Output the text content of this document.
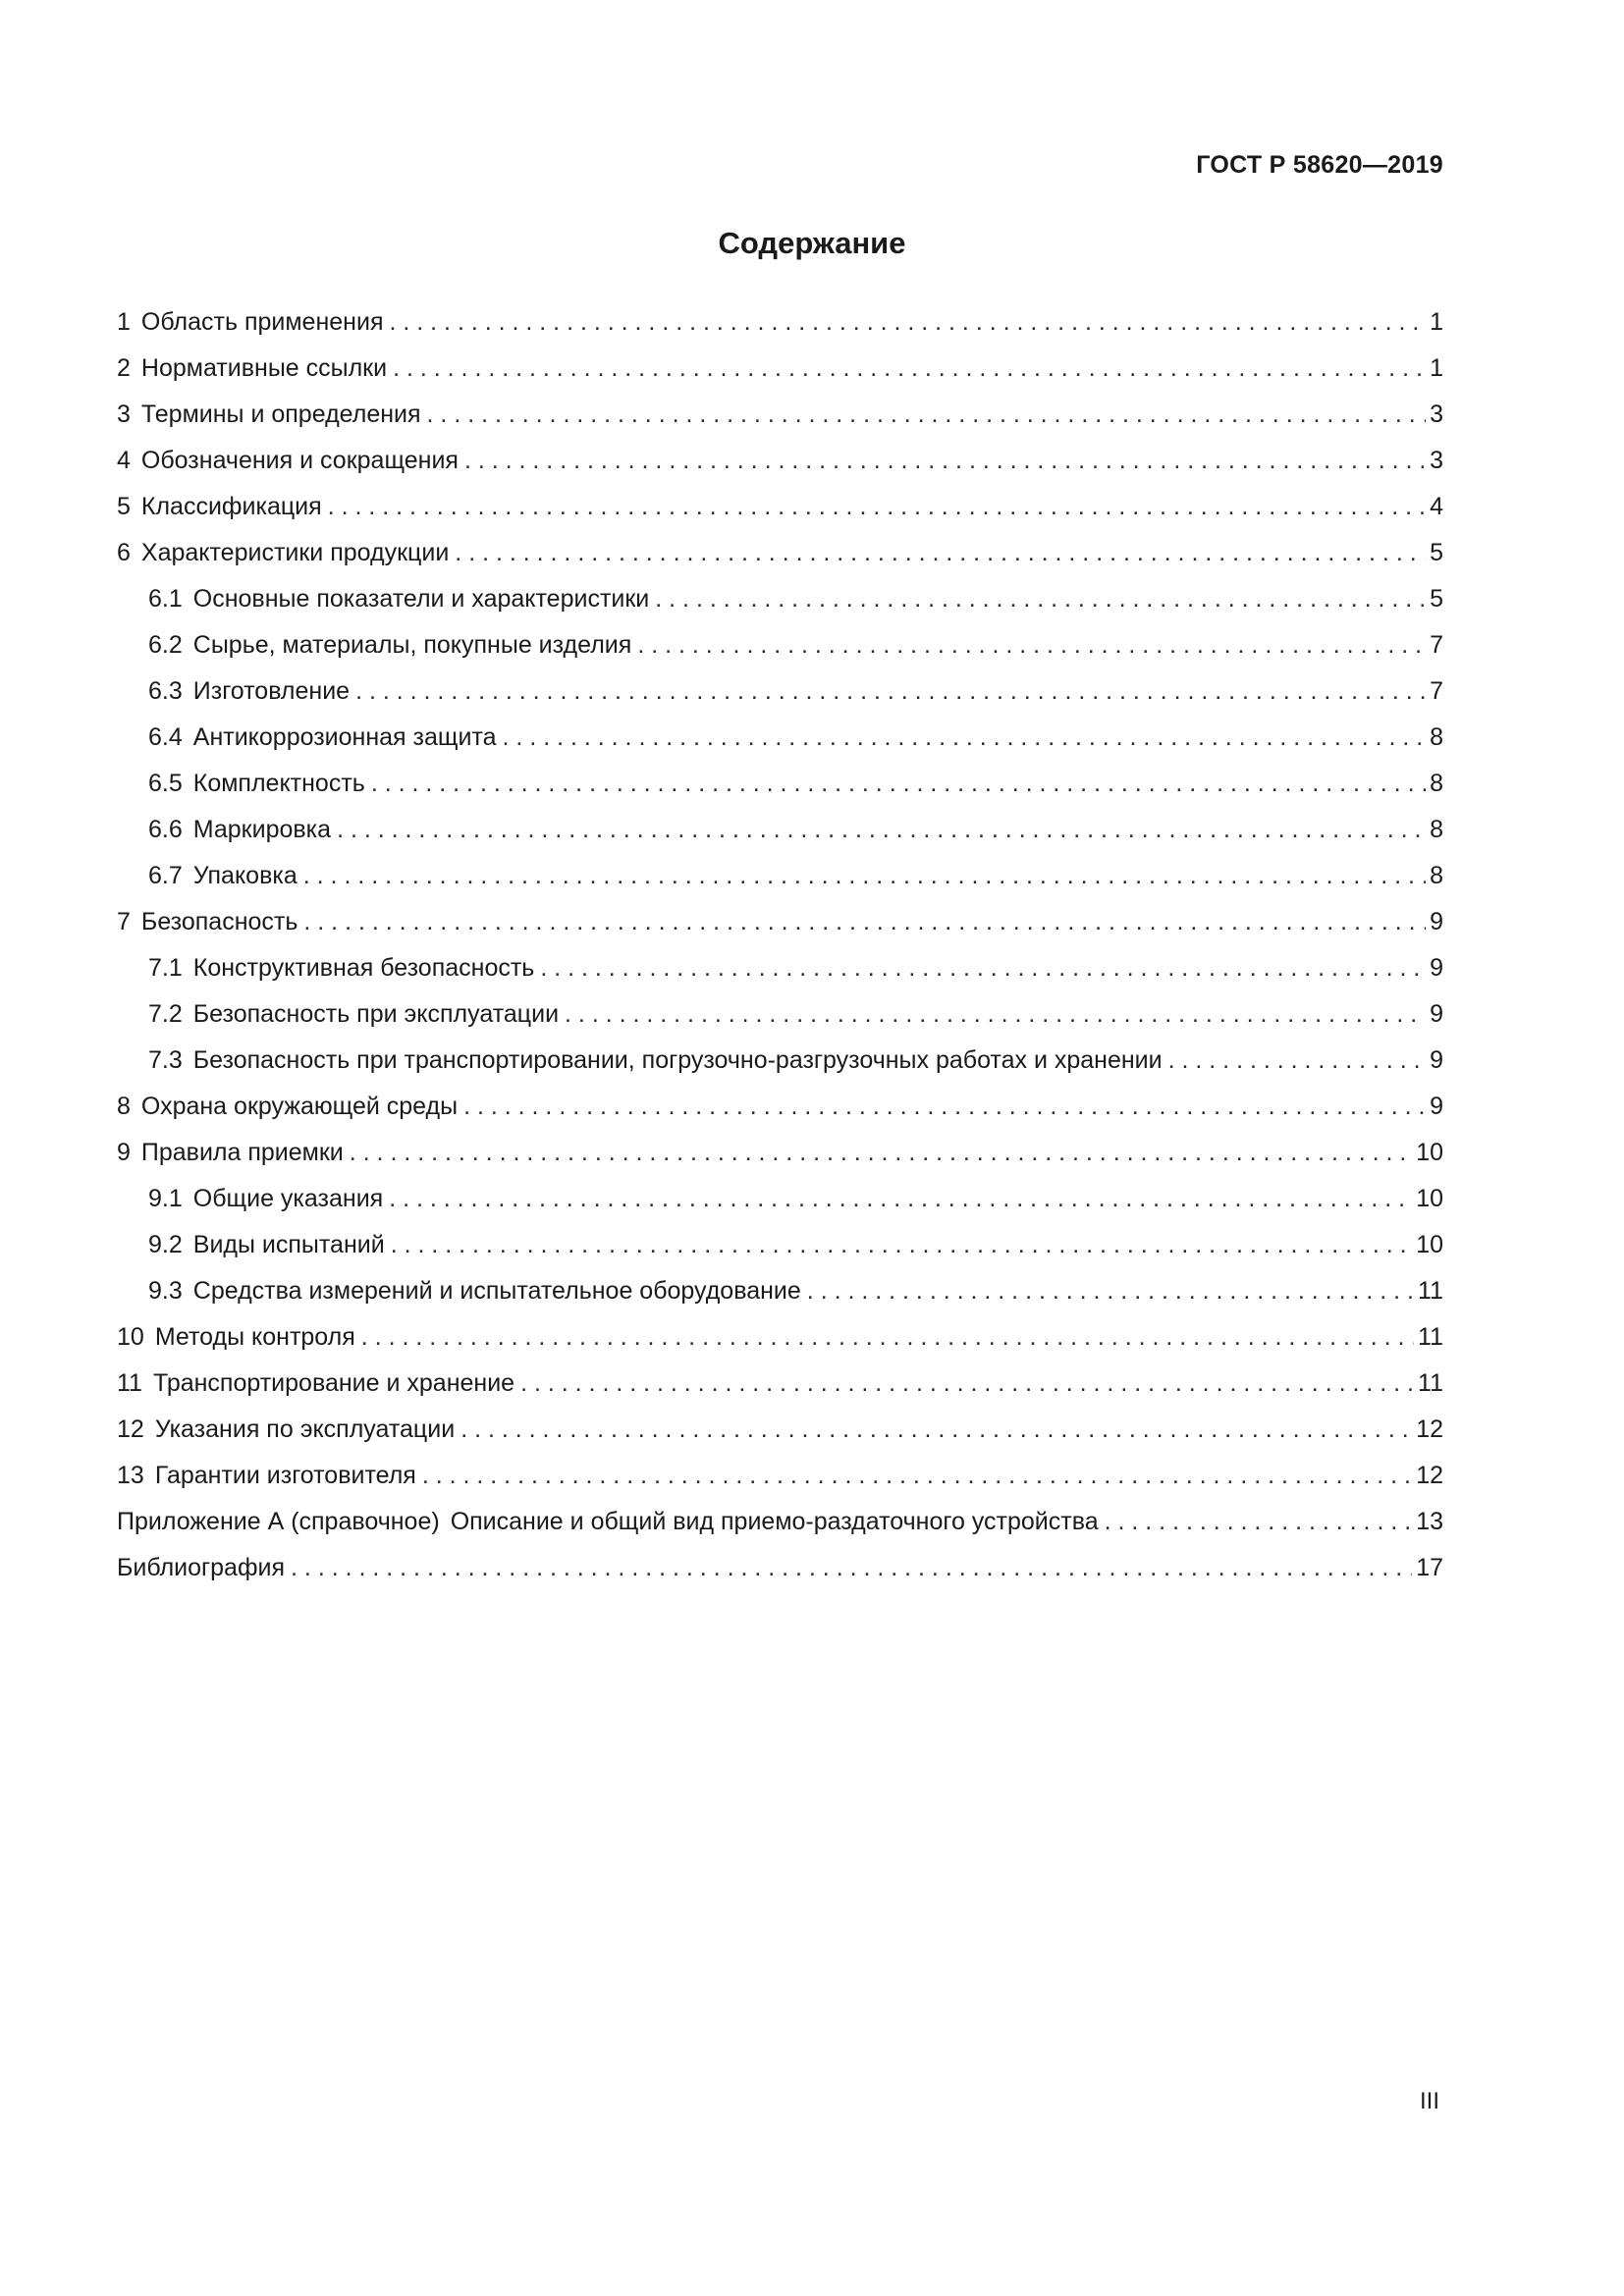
ГОСТ Р 58620—2019
Содержание
1 Область применения . . .	1
2 Нормативные ссылки . . .	1
3 Термины и определения . . .	3
4 Обозначения и сокращения . . .	3
5 Классификация . . .	4
6 Характеристики продукции . . .	5
6.1 Основные показатели и характеристики . . .	5
6.2 Сырье, материалы, покупные изделия . . .	7
6.3 Изготовление . . .	7
6.4 Антикоррозионная защита . . .	8
6.5 Комплектность . . .	8
6.6 Маркировка . . .	8
6.7 Упаковка . . .	8
7 Безопасность . . .	9
7.1 Конструктивная безопасность . . .	9
7.2 Безопасность при эксплуатации . . .	9
7.3 Безопасность при транспортировании, погрузочно-разгрузочных работах и хранении . . .	9
8 Охрана окружающей среды . . .	9
9 Правила приемки . . .	10
9.1 Общие указания . . .	10
9.2 Виды испытаний . . .	10
9.3 Средства измерений и испытательное оборудование . . .	11
10 Методы контроля . . .	11
11 Транспортирование и хранение . . .	11
12 Указания по эксплуатации . . .	12
13 Гарантии изготовителя . . .	12
Приложение А (справочное) Описание и общий вид приемо-раздаточного устройства . . .	13
Библиография . . .	17
III
